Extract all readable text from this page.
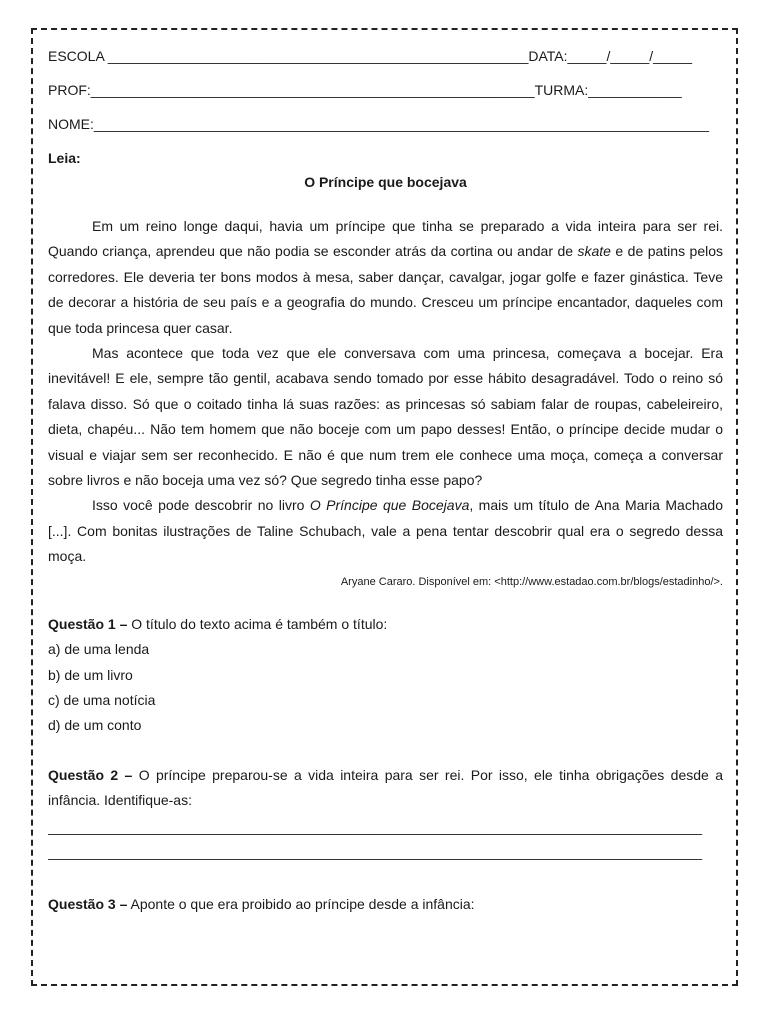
ESCOLA ______________________________________________________DATA:_____/_____/_____
PROF:_________________________________________________________TURMA:____________
NOME:_______________________________________________________________________________
Leia:
O Príncipe que bocejava

Em um reino longe daqui, havia um príncipe que tinha se preparado a vida inteira para ser rei. Quando criança, aprendeu que não podia se esconder atrás da cortina ou andar de skate e de patins pelos corredores. Ele deveria ter bons modos à mesa, saber dançar, cavalgar, jogar golfe e fazer ginástica. Teve de decorar a história de seu país e a geografia do mundo. Cresceu um príncipe encantador, daqueles com que toda princesa quer casar.

Mas acontece que toda vez que ele conversava com uma princesa, começava a bocejar. Era inevitável! E ele, sempre tão gentil, acabava sendo tomado por esse hábito desagradável. Todo o reino só falava disso. Só que o coitado tinha lá suas razões: as princesas só sabiam falar de roupas, cabeleireiro, dieta, chapéu... Não tem homem que não boceje com um papo desses! Então, o príncipe decide mudar o visual e viajar sem ser reconhecido. E não é que num trem ele conhece uma moça, começa a conversar sobre livros e não boceja uma vez só? Que segredo tinha esse papo?

Isso você pode descobrir no livro O Príncipe que Bocejava, mais um título de Ana Maria Machado [...]. Com bonitas ilustrações de Taline Schubach, vale a pena tentar descobrir qual era o segredo dessa moça.

Aryane Cararo. Disponível em: <http://www.estadao.com.br/blogs/estadinho/>.

Questão 1 – O título do texto acima é também o título:

a) de uma lenda

b) de um livro

c) de uma notícia

d) de um conto

Questão 2 – O príncipe preparou-se a vida inteira para ser rei. Por isso, ele tinha obrigações desde a infância. Identifique-as:

____________________________________________________________________________________
____________________________________________________________________________________

Questão 3 – Aponte o que era proibido ao príncipe desde a infância:
